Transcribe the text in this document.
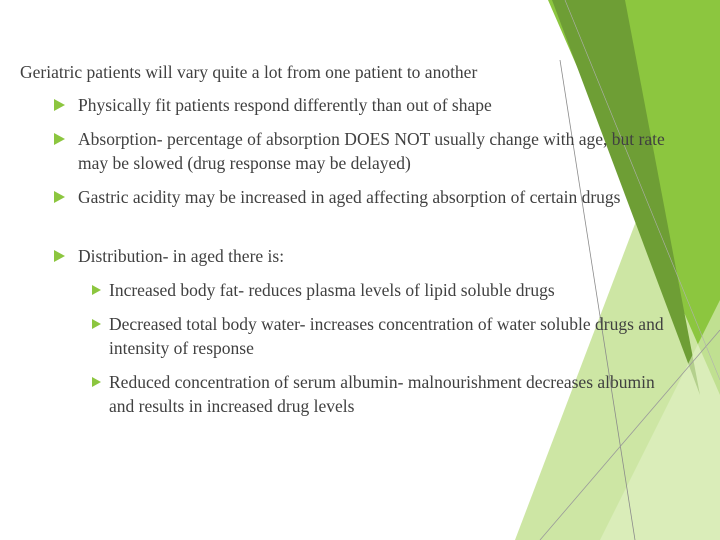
Geriatric patients will vary quite a lot from one patient to another
Physically fit patients respond differently than out of shape
Absorption- percentage of absorption DOES NOT usually change with age, but rate may be slowed (drug response may be delayed)
Gastric acidity may be increased in aged affecting absorption of certain drugs
Distribution- in aged there is:
Increased body fat- reduces plasma levels of lipid soluble drugs
Decreased total body water- increases concentration of water soluble drugs and intensity of response
Reduced concentration of serum albumin- malnourishment decreases albumin and results in increased drug levels
